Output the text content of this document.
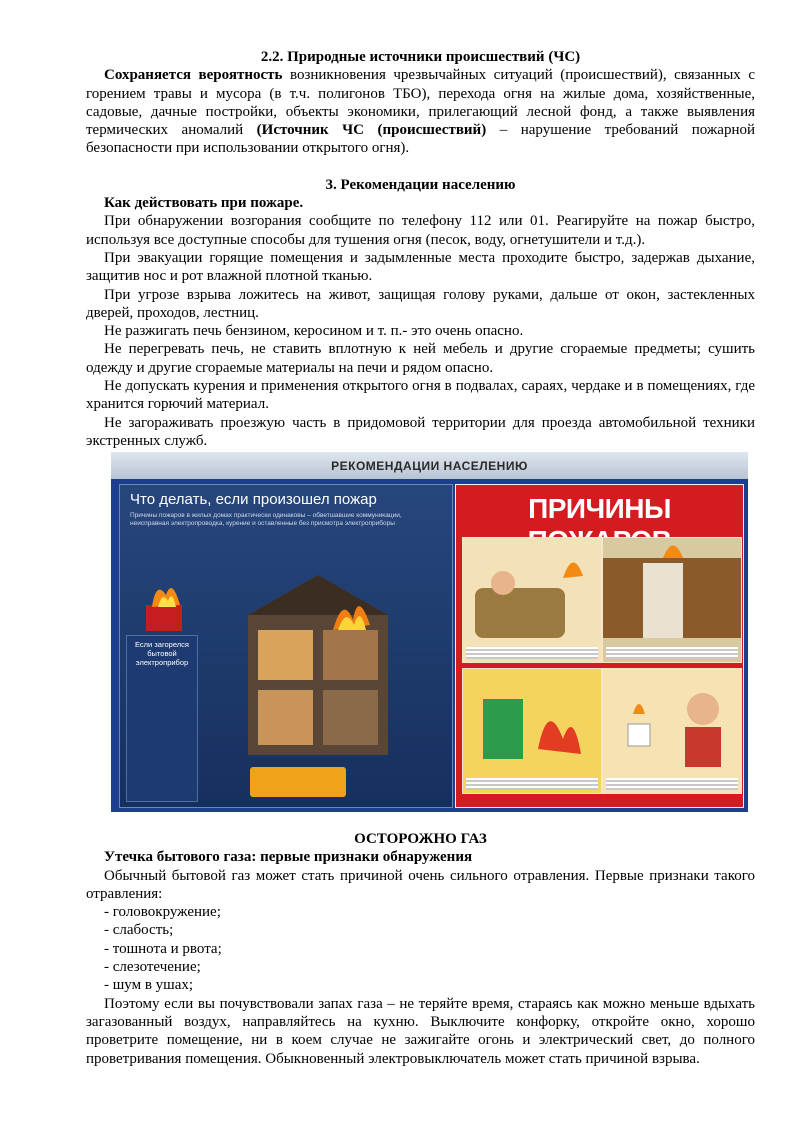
2.2. Природные источники происшествий (ЧС)

Сохраняется вероятность возникновения чрезвычайных ситуаций (происшествий), связанных с горением травы и мусора (в т.ч. полигонов ТБО), перехода огня на жилые дома, хозяйственные, садовые, дачные постройки, объекты экономики, прилегающий лесной фонд, а также выявления термических аномалий (Источник ЧС (происшествий) – нарушение требований пожарной безопасности при использовании открытого огня).

3. Рекомендации населению

Как действовать при пожаре.

При обнаружении возгорания сообщите по телефону 112 или 01. Реагируйте на пожар быстро, используя все доступные способы для тушения огня (песок, воду, огнетушители и т.д.).

При эвакуации горящие помещения и задымленные места проходите быстро, задержав дыхание, защитив нос и рот влажной плотной тканью.

При угрозе взрыва ложитесь на живот, защищая голову руками, дальше от окон, застекленных дверей, проходов, лестниц.

Не разжигать печь бензином, керосином и т. п.- это очень опасно.

Не перегревать печь, не ставить вплотную к ней мебель и другие сгораемые предметы; сушить одежду и другие сгораемые материалы на печи и рядом опасно.

Не допускать курения и применения открытого огня в подвалах, сараях, чердаке и в помещениях, где хранится горючий материал.

Не загораживать проезжую часть в придомовой территории для проезда автомобильной техники экстренных служб.

РЕКОМЕНДАЦИИ НАСЕЛЕНИЮ
Что делать, если произошел пожар
Причины пожаров в жилых домах практически одинаковы – обветшавшие коммуникации, неисправная электропроводка, курение и оставленные без присмотра электроприборы
Если загорелся бытовой электроприбор
ПРИЧИНЫ

ОСТОРОЖНО ГАЗ

Утечка бытового газа: первые признаки обнаружения

Обычный бытовой газ может стать причиной очень сильного отравления. Первые признаки такого отравления:

- головокружение;

- слабость;

- тошнота и рвота;

- слезотечение;

- шум в ушах;

Поэтому если вы почувствовали запах газа – не теряйте время, стараясь как можно меньше вдыхать загазованный воздух, направляйтесь на кухню. Выключите конфорку, откройте окно, хорошо проветрите помещение, ни в коем случае не зажигайте огонь и электрический свет, до полного проветривания помещения. Обыкновенный электровыключатель может стать причиной взрыва.
